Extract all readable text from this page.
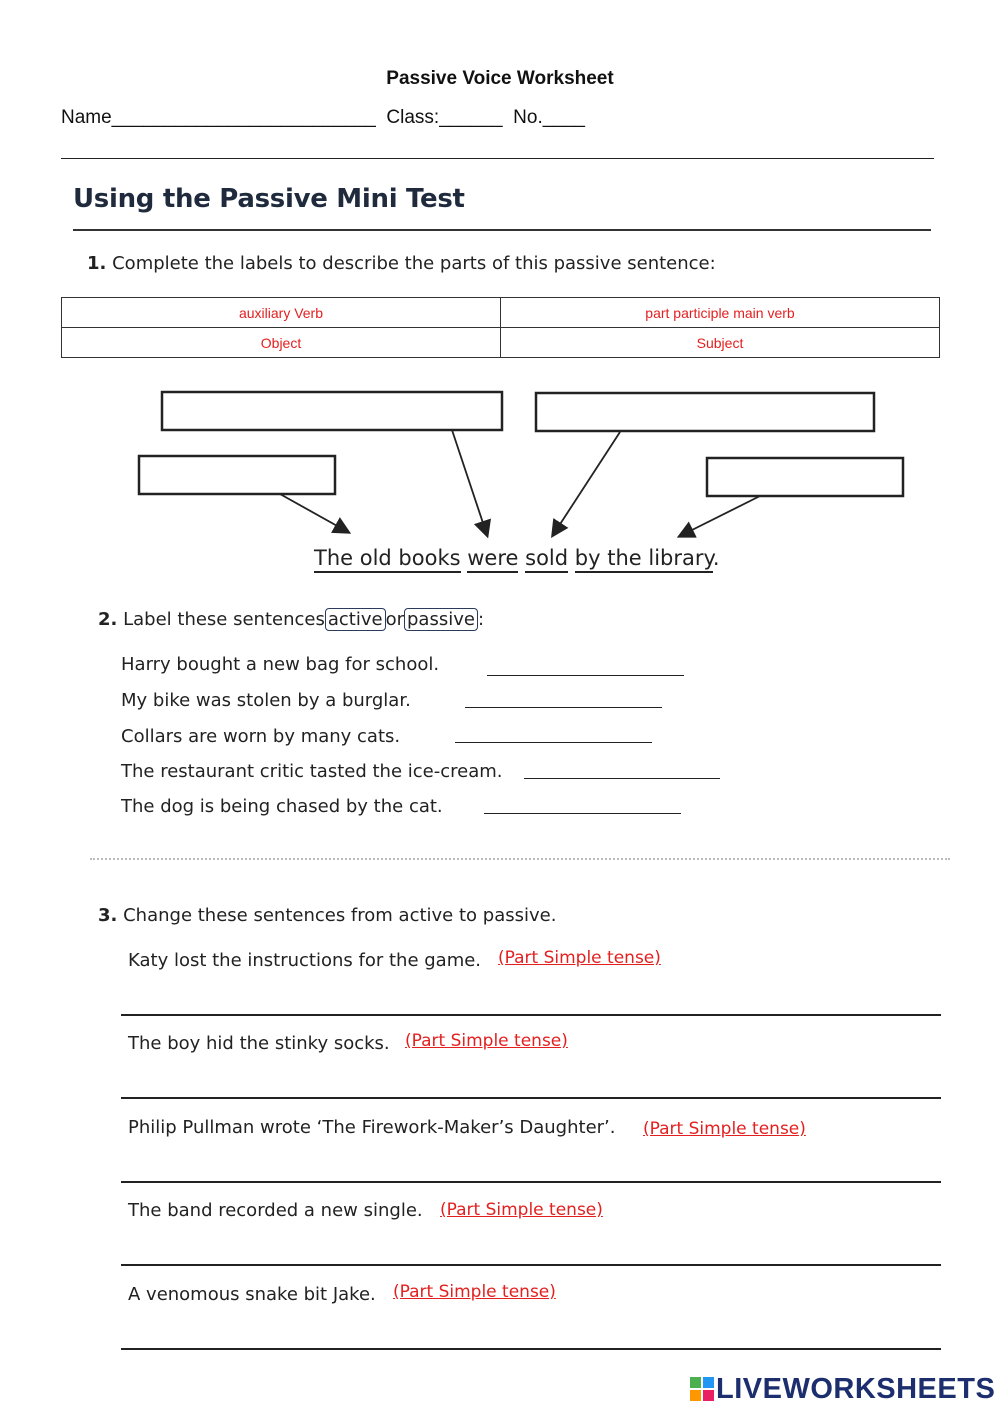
Passive Voice Worksheet
Name_________________________  Class:______  No.____
Using the Passive Mini Test
1. Complete the labels to describe the parts of this passive sentence:
auxiliary Verb	part participle main verb
Object	Subject
The old books were sold by the library.
2. Label these sentences active or passive :
Harry bought a new bag for school.
My bike was stolen by a burglar.
Collars are worn by many cats.
The restaurant critic tasted the ice-cream.
The dog is being chased by the cat.
3. Change these sentences from active to passive.
Katy lost the instructions for the game. (Part Simple tense)
The boy hid the stinky socks. (Part Simple tense)
Philip Pullman wrote ‘The Firework-Maker’s Daughter’. (Part Simple tense)
The band recorded a new single. (Part Simple tense)
A venomous snake bit Jake. (Part Simple tense)
LIVEWORKSHEETS
